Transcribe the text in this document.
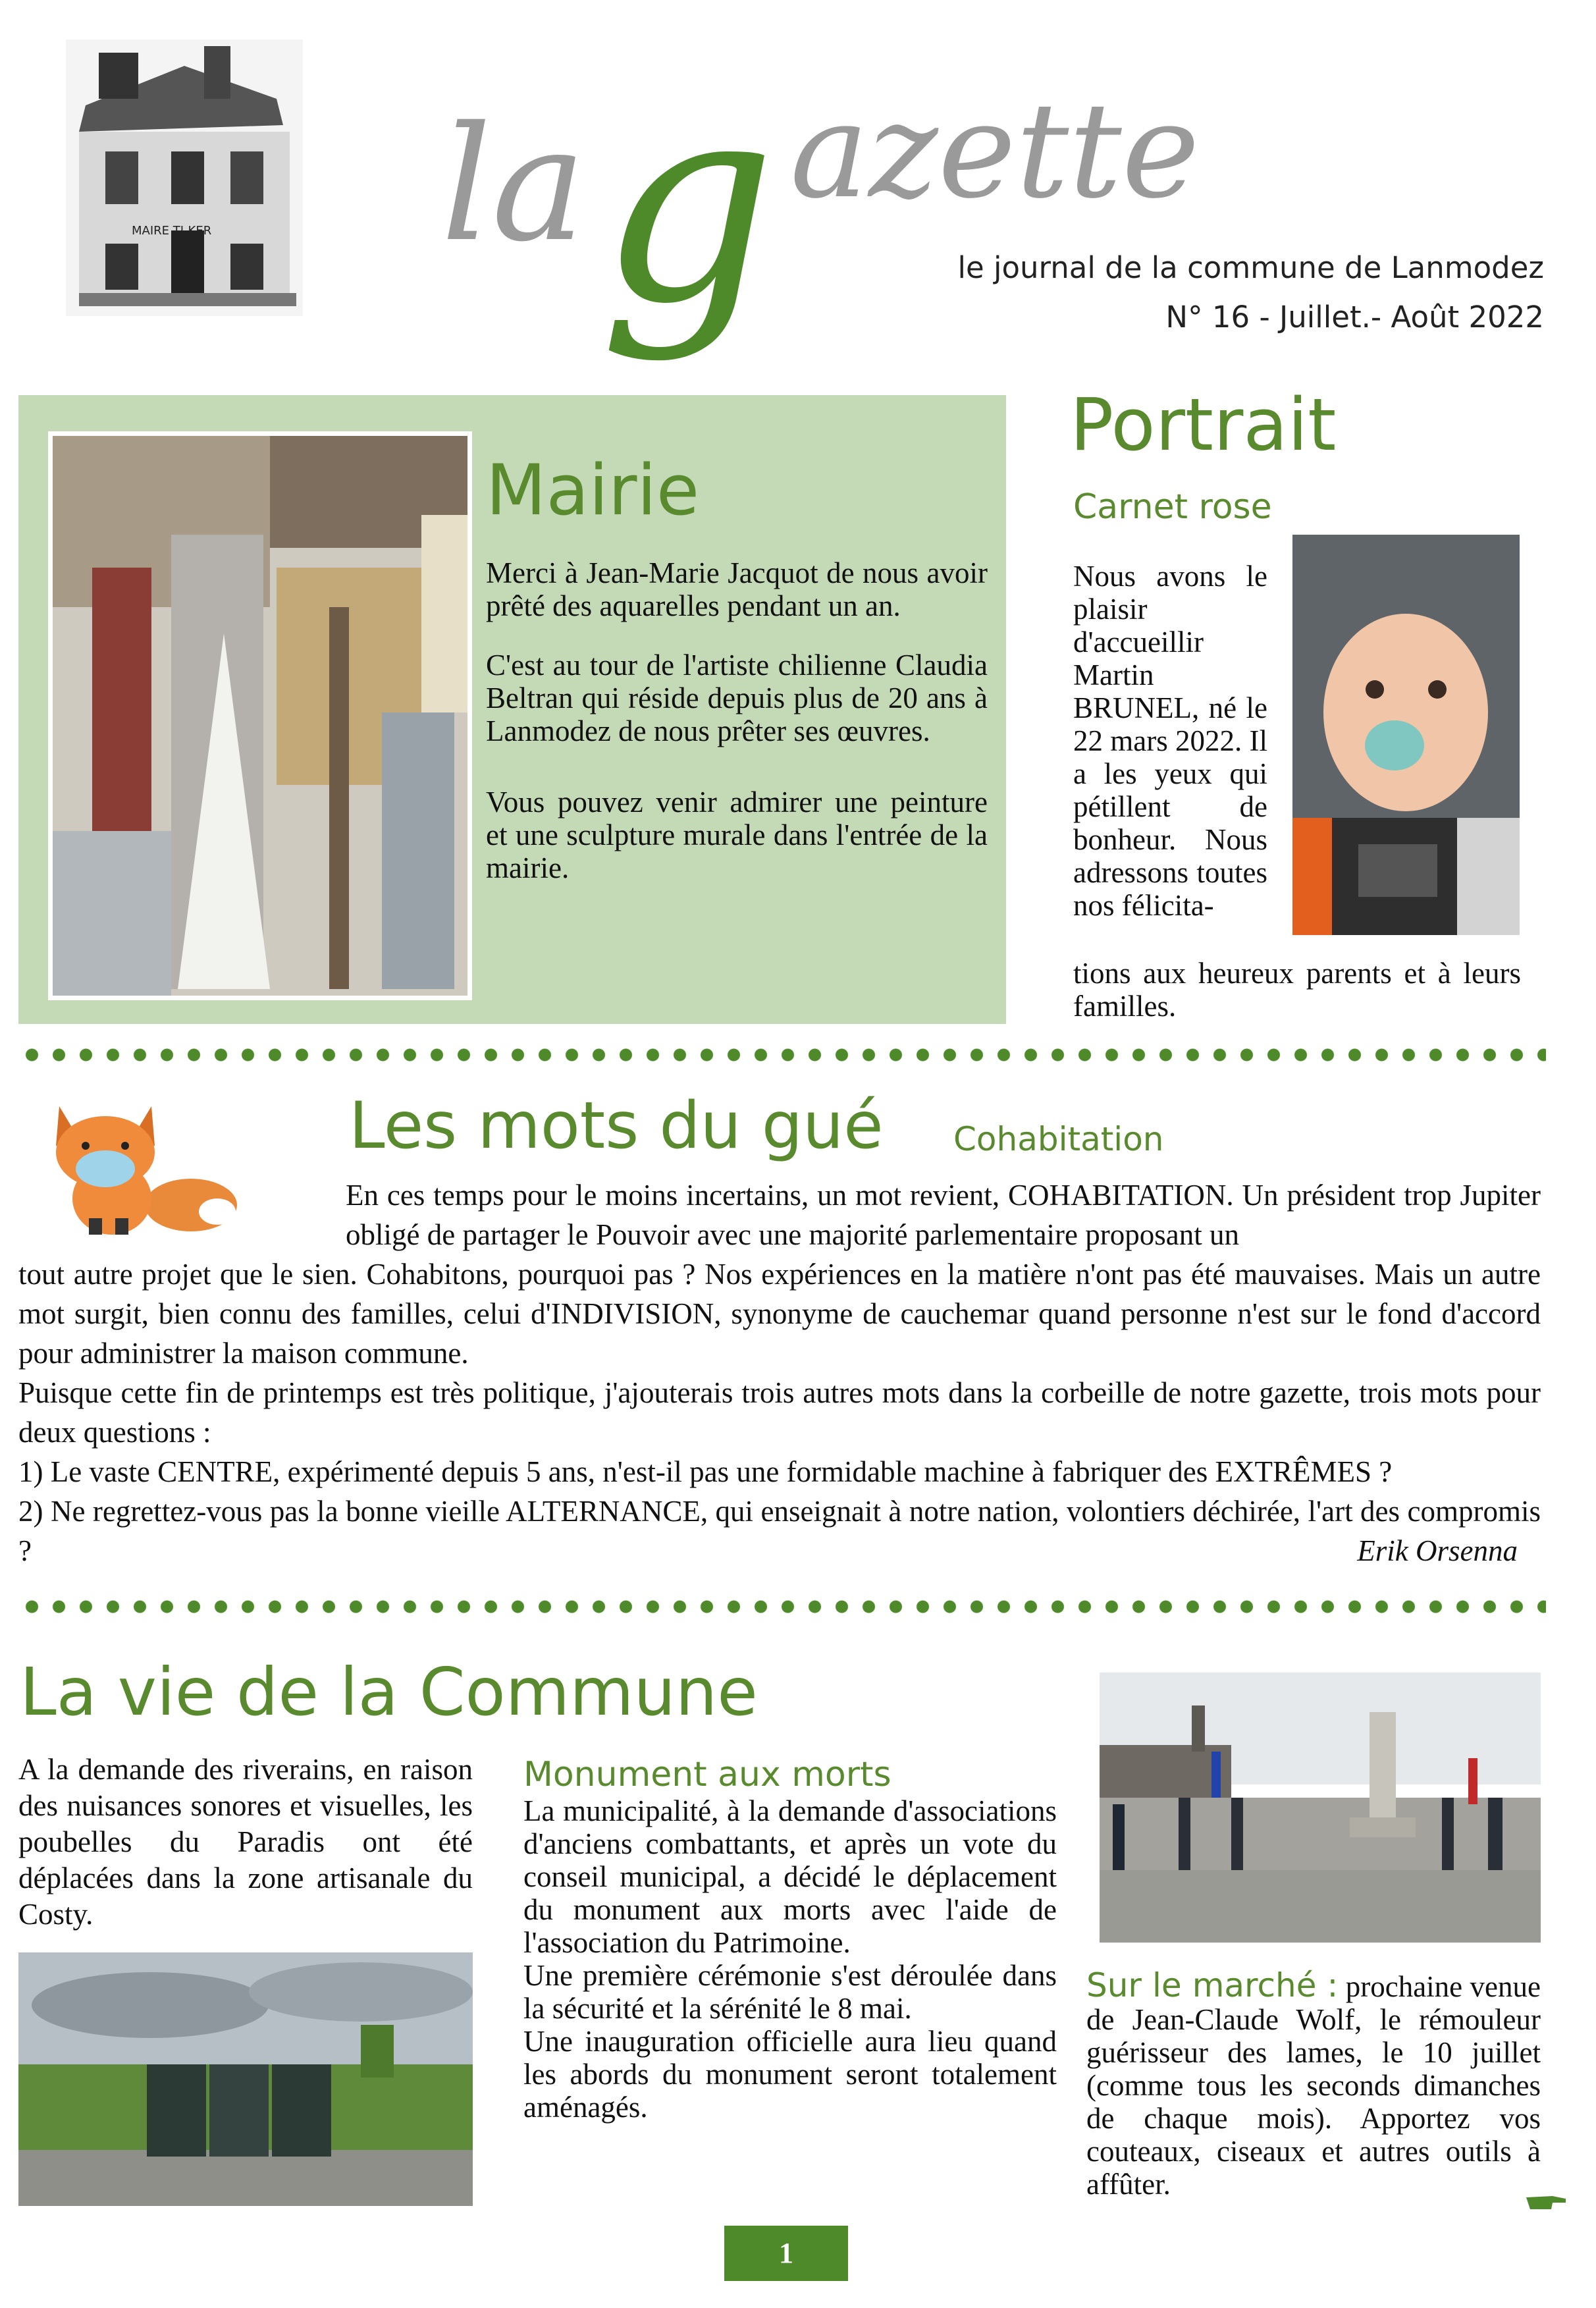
MAIRE TI-KER la g azette
le journal de la commune de Lanmodez
N° 16 - Juillet.- Août 2022
Mairie

Merci à Jean-Marie Jacquot de nous avoir prêté des aquarelles pendant un an.

C'est au tour de l'artiste chilienne Claudia Beltran qui réside depuis plus de 20 ans à Lanmodez de nous prêter ses œuvres.

Vous pouvez venir admirer une peinture et une sculpture murale dans l'entrée de la mairie.

Portrait
Carnet rose
Nous avons le plaisir d'accueillir Martin BRUNEL, né le 22 mars 2022. Il a les yeux qui pétillent de bonheur. Nous adressons toutes nos félicita-
tions aux heureux parents et à leurs familles.
Les mots du gué Cohabitation
En ces temps pour le moins incertains, un mot revient, COHABITATION. Un président trop Jupiter obligé de partager le Pouvoir avec une majorité parlementaire proposant un

tout autre projet que le sien. Cohabitons, pourquoi pas ? Nos expériences en la matière n'ont pas été mauvaises. Mais un autre mot surgit, bien connu des familles, celui d'INDIVISION, synonyme de cauchemar quand personne n'est sur le fond d'accord pour administrer la maison commune.

Puisque cette fin de printemps est très politique, j'ajouterais trois autres mots dans la corbeille de notre gazette, trois mots pour deux questions :

1) Le vaste CENTRE, expérimenté depuis 5 ans, n'est-il pas une formidable machine à fabriquer des EXTRÊMES ?

2) Ne regrettez-vous pas la bonne vieille ALTERNANCE, qui enseignait à notre nation, volontiers déchirée, l'art des compromis ?	Erik Orsenna
La vie de la Commune
A la demande des riverains, en raison des nuisances sonores et visuelles, les poubelles du Paradis ont été déplacées dans la zone artisanale du Costy.
Monument aux morts

La municipalité, à la demande d'associations d'anciens combattants, et après un vote du conseil municipal, a décidé le déplacement du monument aux morts avec l'aide de l'association du Patrimoine.

Une première cérémonie s'est déroulée dans la sécurité et la sérénité le 8 mai.

Une inauguration officielle aura lieu quand les abords du monument seront totalement aménagés.

Sur le marché : prochaine venue de Jean-Claude Wolf, le rémouleur guérisseur des lames, le 10 juillet (comme tous les seconds dimanches de chaque mois). Apportez vos couteaux, ciseaux et autres outils à affûter.
1
